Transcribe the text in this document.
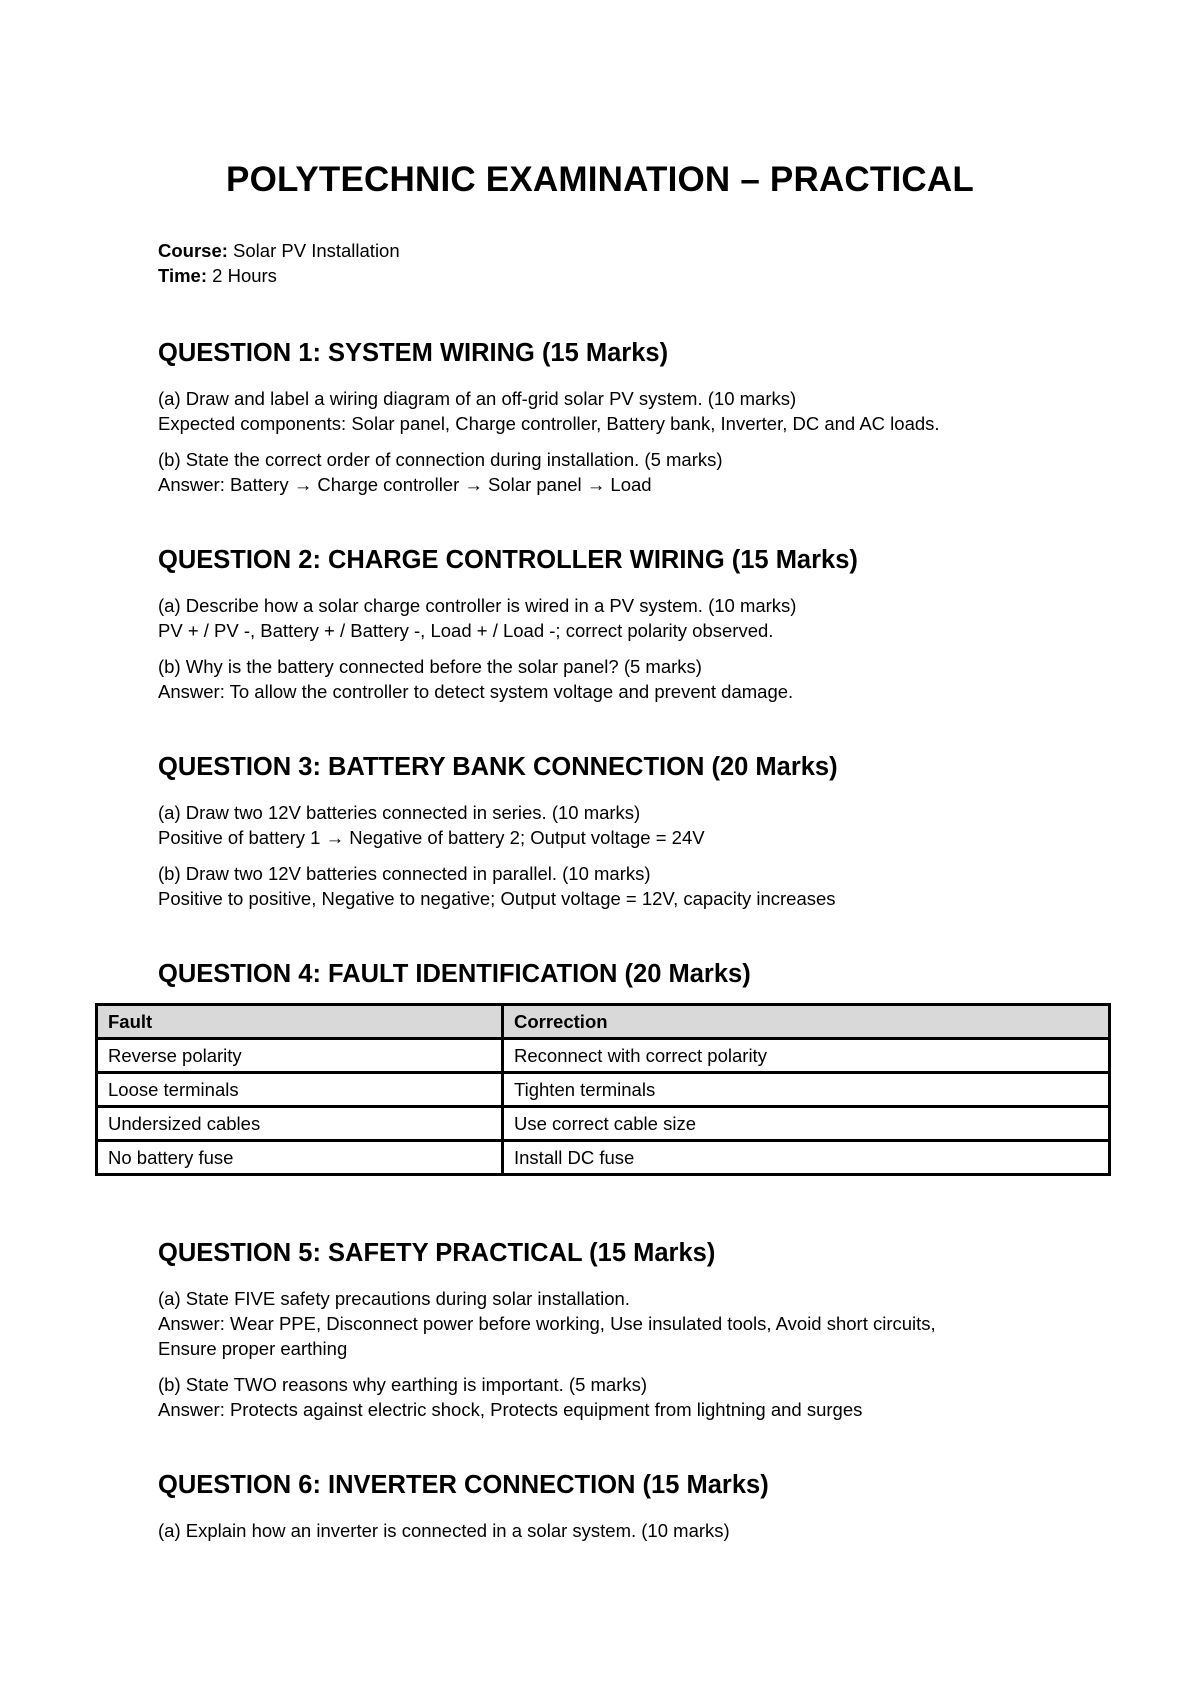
POLYTECHNIC EXAMINATION – PRACTICAL
Course: Solar PV Installation
Time: 2 Hours
QUESTION 1: SYSTEM WIRING (15 Marks)

(a) Draw and label a wiring diagram of an off-grid solar PV system. (10 marks)
Expected components: Solar panel, Charge controller, Battery bank, Inverter, DC and AC loads.

(b) State the correct order of connection during installation. (5 marks)
Answer: Battery → Charge controller → Solar panel → Load

QUESTION 2: CHARGE CONTROLLER WIRING (15 Marks)

(a) Describe how a solar charge controller is wired in a PV system. (10 marks)
PV + / PV -, Battery + / Battery -, Load + / Load -; correct polarity observed.

(b) Why is the battery connected before the solar panel? (5 marks)
Answer: To allow the controller to detect system voltage and prevent damage.

QUESTION 3: BATTERY BANK CONNECTION (20 Marks)

(a) Draw two 12V batteries connected in series. (10 marks)
Positive of battery 1 → Negative of battery 2; Output voltage = 24V

(b) Draw two 12V batteries connected in parallel. (10 marks)
Positive to positive, Negative to negative; Output voltage = 12V, capacity increases

QUESTION 4: FAULT IDENTIFICATION (20 Marks)
Fault	Correction
Reverse polarity	Reconnect with correct polarity
Loose terminals	Tighten terminals
Undersized cables	Use correct cable size
No battery fuse	Install DC fuse
QUESTION 5: SAFETY PRACTICAL (15 Marks)

(a) State FIVE safety precautions during solar installation.
Answer: Wear PPE, Disconnect power before working, Use insulated tools, Avoid short circuits,
Ensure proper earthing

(b) State TWO reasons why earthing is important. (5 marks)
Answer: Protects against electric shock, Protects equipment from lightning and surges

QUESTION 6: INVERTER CONNECTION (15 Marks)

(a) Explain how an inverter is connected in a solar system. (10 marks)
